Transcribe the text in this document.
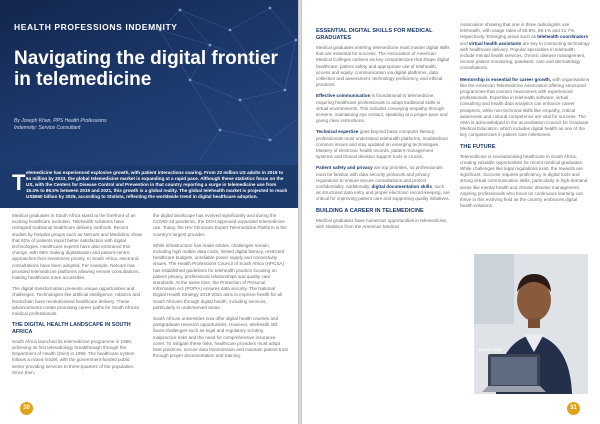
HEALTH PROFESSIONS INDEMNITY
Navigating the digital frontier in telemedicine
By Joseph Khan, PPS Health Professions
Indemnity: Service Consultant
T elemedicine has experienced explosive growth, with patient interactions soaring. From 23 million US adults in 2019 to 64 million by 2023, the global telemedicine market is expanding at a rapid pace. Although these statistics focus on the US, with the Centers for Disease Control and Prevention in that country reporting a surge in telemedicine use from 15.4% to 86.5% between 2019 and 2021, this growth is a global reality. The global telehealth market is projected to reach US$660 billion by 2025, according to Statista, reflecting the worldwide trend in digital healthcare adoption.

Medical graduates in South Africa stand at the forefront of an exciting healthcare evolution. Telehealth solutions have reshaped traditional healthcare delivery methods. Recent studies by hospital groups such as Netcare and Mediclinic show that 92% of patients report better satisfaction with digital technologies. Healthcare experts have also embraced this change, with 88% making digitalisation and patient-centric approaches their investment priority. In South Africa, electronic consultations have been adopted. For example, Netcare has provided telemedicine platforms allowing remote consultations, making healthcare more accessible.

The digital transformation presents unique opportunities and challenges. Technologies like artificial intelligence, robotics and blockchain have revolutionised healthcare delivery. These advancements create promising career paths for South African medical professionals.

THE DIGITAL HEALTH LANDSCAPE IN SOUTH AFRICA

South Africa launched its telemedicine programme in 1999, achieving its first teleradiology breakthrough through the Department of Health (DoH) in 1999. The healthcare system follows a mixed model, with the government-funded public sector providing services to three-quarters of the population. Since then,

the digital landscape has evolved significantly and during the COVID-19 pandemic, the DOH approved expanded telemedicine use. Today, the HIV Clinicians Expert Telemedicine Platform is the country's largest provider.

While infrastructure has made strides, challenges remain, including high mobile data costs, limited digital literacy, restricted healthcare budgets, unreliable power supply and connectivity issues. The Health Professions Council of South Africa (HPCSA) has established guidelines for telehealth practice focusing on patient privacy, professional relationships and quality care standards. At the same time, the Protection of Personal Information Act (POPIA) ensures data security. The National Digital Health Strategy 2019-2024 aims to improve health for all South Africans through digital health, including services, particularly in underserved areas.

South African universities now offer digital health courses and postgraduate research opportunities. However, telehealth still faces challenges such as legal and regulatory scrutiny, malpractice risks and the need for comprehensive insurance cover. To mitigate these risks, healthcare providers must adopt best practices, secure data transmission and maintain patient trust through proper documentation and training.

30
ESSENTIAL DIGITAL SKILLS FOR MEDICAL GRADUATES

Medical graduates entering telemedicine must master digital skills that are essential for success. The Association of American Medical Colleges outlines six key competencies that shape digital healthcare: patient safety and appropriate use of telehealth, access and equity, communication via digital platforms, data collection and assessment, technology proficiency, and ethical practices.

Effective communication is foundational to telemedicine, requiring healthcare professionals to adapt traditional skills to virtual environments. This includes conveying empathy through screens, maintaining eye contact, speaking at a proper pace and giving clear instructions.

Technical expertise goes beyond basic computer literacy; professionals must understand telehealth platforms, troubleshoot common issues and stay updated on emerging technologies. Mastery of electronic health records, patient management systems and clinical decision support tools is crucial.

Patient safety and privacy are top priorities, so professionals must be familiar with data security protocols and privacy regulations to ensure secure consultations and protect confidentiality. Additionally, digital documentation skills, such as structured data entry and proper electronic record-keeping, are critical for improving patient care and supporting quality initiatives.

BUILDING A CAREER IN TELEMEDICINE

Medical graduates have numerous opportunities in telemedicine, with statistics from the American Medical

Association showing that one in three radiologists use telehealth, with usage rates of 55.8%, 59.1% and 41.7%, respectively. Emerging areas such as telehealth coordinators and virtual health assistants are key to connecting technology with healthcare delivery. Popular specialties in telehealth include mental health services, chronic disease management, remote patient monitoring, paediatric care and dermatology consultations.

Mentorship is essential for career growth, with organisations like the American Telemedicine Association offering structured programmes that connect newcomers with experienced professionals. Expertise in telehealth software, virtual consulting and health data analytics can enhance career prospects, while non-technical skills like empathy, critical awareness and cultural competence are vital for success. The AMA is acknowledged in the accreditation Council for Graduate Medical Education, which includes digital health as one of the key competencies in patient care milestones.

THE FUTURE

Telemedicine is revolutionising healthcare in South Africa, creating valuable opportunities for recent medical graduates. While challenges like legal regulations exist, the rewards are significant. Success requires proficiency in digital tools and strong virtual communication skills, particularly in high-demand areas like mental health and chronic disease management. Aspiring professionals who focus on continuous learning can thrive in this evolving field as the country embraces digital health solutions.

Joseph Khan
31
